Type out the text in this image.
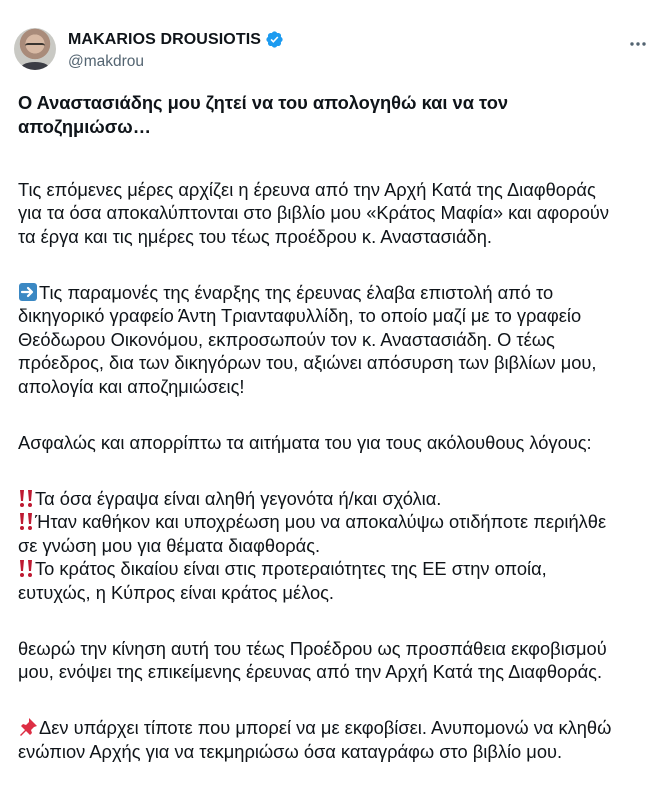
MAKARIOS DROUSIOTIS
@makdrou
Ο Αναστασιάδης μου ζητεί να του απολογηθώ και να τον
αποζημιώσω…
Τις επόμενες μέρες αρχίζει η έρευνα από την Αρχή Κατά της Διαφθοράς
για τα όσα αποκαλύπτονται στο βιβλίο μου «Κράτος Μαφία» και αφορούν
τα έργα και τις ημέρες του τέως προέδρου κ. Αναστασιάδη.
Τις παραμονές της έναρξης της έρευνας έλαβα επιστολή από το
δικηγορικό γραφείο Άντη Τριανταφυλλίδη, το οποίο μαζί με το γραφείο
Θεόδωρου Οικονόμου, εκπροσωπούν τον κ. Αναστασιάδη. Ο τέως
πρόεδρος, δια των δικηγόρων του, αξιώνει απόσυρση των βιβλίων μου,
απολογία και αποζημιώσεις!
Ασφαλώς και απορρίπτω τα αιτήματα του για τους ακόλουθους λόγους:
Τα όσα έγραψα είναι αληθή γεγονότα ή/και σχόλια.
Ήταν καθήκον και υποχρέωση μου να αποκαλύψω οτιδήποτε περιήλθε
σε γνώση μου για θέματα διαφθοράς.
Το κράτος δικαίου είναι στις προτεραιότητες της ΕΕ στην οποία,
ευτυχώς, η Κύπρος είναι κράτος μέλος.
θεωρώ την κίνηση αυτή του τέως Προέδρου ως προσπάθεια εκφοβισμού
μου, ενόψει της επικείμενης έρευνας από την Αρχή Κατά της Διαφθοράς.
Δεν υπάρχει τίποτε που μπορεί να με εκφοβίσει. Ανυπομονώ να κληθώ
ενώπιον Αρχής για να τεκμηριώσω όσα καταγράφω στο βιβλίο μου.
